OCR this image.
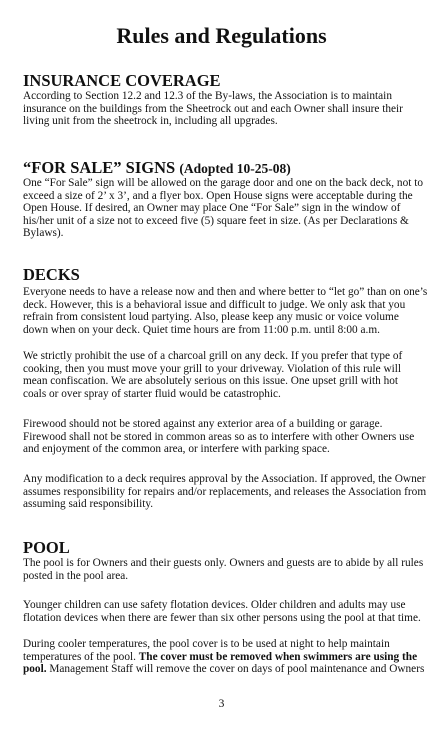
Rules and Regulations
INSURANCE COVERAGE

According to Section 12.2 and 12.3 of the By-laws, the Association is to maintain
insurance on the buildings from the Sheetrock out and each Owner shall insure their
living unit from the sheetrock in, including all upgrades.

“FOR SALE” SIGNS (Adopted 10-25-08)

One “For Sale” sign will be allowed on the garage door and one on the back deck, not to
exceed a size of 2’ x 3’, and a flyer box. Open House signs were acceptable during the
Open House. If desired, an Owner may place One “For Sale” sign in the window of
his/her unit of a size not to exceed five (5) square feet in size. (As per Declarations &
Bylaws).

DECKS

Everyone needs to have a release now and then and where better to “let go” than on one’s
deck. However, this is a behavioral issue and difficult to judge. We only ask that you
refrain from consistent loud partying. Also, please keep any music or voice volume
down when on your deck. Quiet time hours are from 11:00 p.m. until 8:00 a.m.

We strictly prohibit the use of a charcoal grill on any deck. If you prefer that type of
cooking, then you must move your grill to your driveway. Violation of this rule will
mean confiscation. We are absolutely serious on this issue. One upset grill with hot
coals or over spray of starter fluid would be catastrophic.

Firewood should not be stored against any exterior area of a building or garage.
Firewood shall not be stored in common areas so as to interfere with other Owners use
and enjoyment of the common area, or interfere with parking space.

Any modification to a deck requires approval by the Association. If approved, the Owner
assumes responsibility for repairs and/or replacements, and releases the Association from
assuming said responsibility.

POOL

The pool is for Owners and their guests only. Owners and guests are to abide by all rules
posted in the pool area.

Younger children can use safety flotation devices. Older children and adults may use
flotation devices when there are fewer than six other persons using the pool at that time.

During cooler temperatures, the pool cover is to be used at night to help maintain
temperatures of the pool. The cover must be removed when swimmers are using the
pool. Management Staff will remove the cover on days of pool maintenance and Owners

3
